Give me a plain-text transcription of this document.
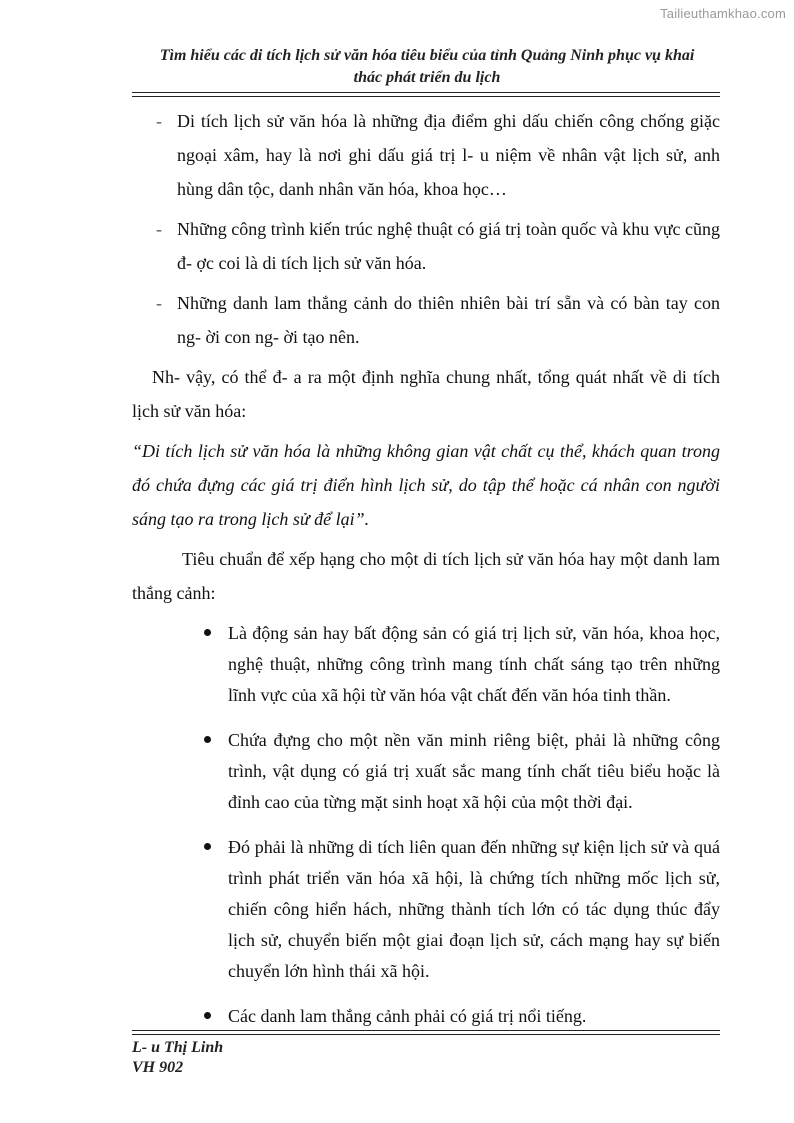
Tailieuthamkhao.com
Tìm hiểu các di tích lịch sử văn hóa tiêu biểu của tỉnh Quảng Ninh phục vụ khai
thác phát triển du lịch
- Di tích lịch sử văn hóa là những địa điểm ghi dấu chiến công chống giặc ngoại xâm, hay là nơi ghi dấu giá trị l- u niệm về nhân vật lịch sử, anh hùng dân tộc, danh nhân văn hóa, khoa học…
- Những công trình kiến trúc nghệ thuật có giá trị toàn quốc và khu vực cũng đ- ợc coi là di tích lịch sử văn hóa.
- Những danh lam thắng cảnh do thiên nhiên bài trí sẵn và có bàn tay con ng- ời con ng- ời tạo nên.

Nh- vậy, có thể đ- a ra một định nghĩa chung nhất, tổng quát nhất về di tích lịch sử văn hóa:

“Di tích lịch sử văn hóa là những không gian vật chất cụ thể, khách quan trong đó chứa đựng các giá trị điển hình lịch sử, do tập thể hoặc cá nhân con người sáng tạo ra trong lịch sử để lại”.

Tiêu chuẩn để xếp hạng cho một di tích lịch sử văn hóa hay một danh lam thắng cảnh:

Là động sản hay bất động sản có giá trị lịch sử, văn hóa, khoa học, nghệ thuật, những công trình mang tính chất sáng tạo trên những lĩnh vực của xã hội từ văn hóa vật chất đến văn hóa tinh thần.
Chứa đựng cho một nền văn minh riêng biệt, phải là những công trình, vật dụng có giá trị xuất sắc mang tính chất tiêu biểu hoặc là đỉnh cao của từng mặt sinh hoạt xã hội của một thời đại.
Đó phải là những di tích liên quan đến những sự kiện lịch sử và quá trình phát triển văn hóa xã hội, là chứng tích những mốc lịch sử, chiến công hiển hách, những thành tích lớn có tác dụng thúc đẩy lịch sử, chuyển biến một giai đoạn lịch sử, cách mạng hay sự biến chuyển lớn hình thái xã hội.
Các danh lam thắng cảnh phải có giá trị nổi tiếng.
L- u Thị Linh
VH 902
